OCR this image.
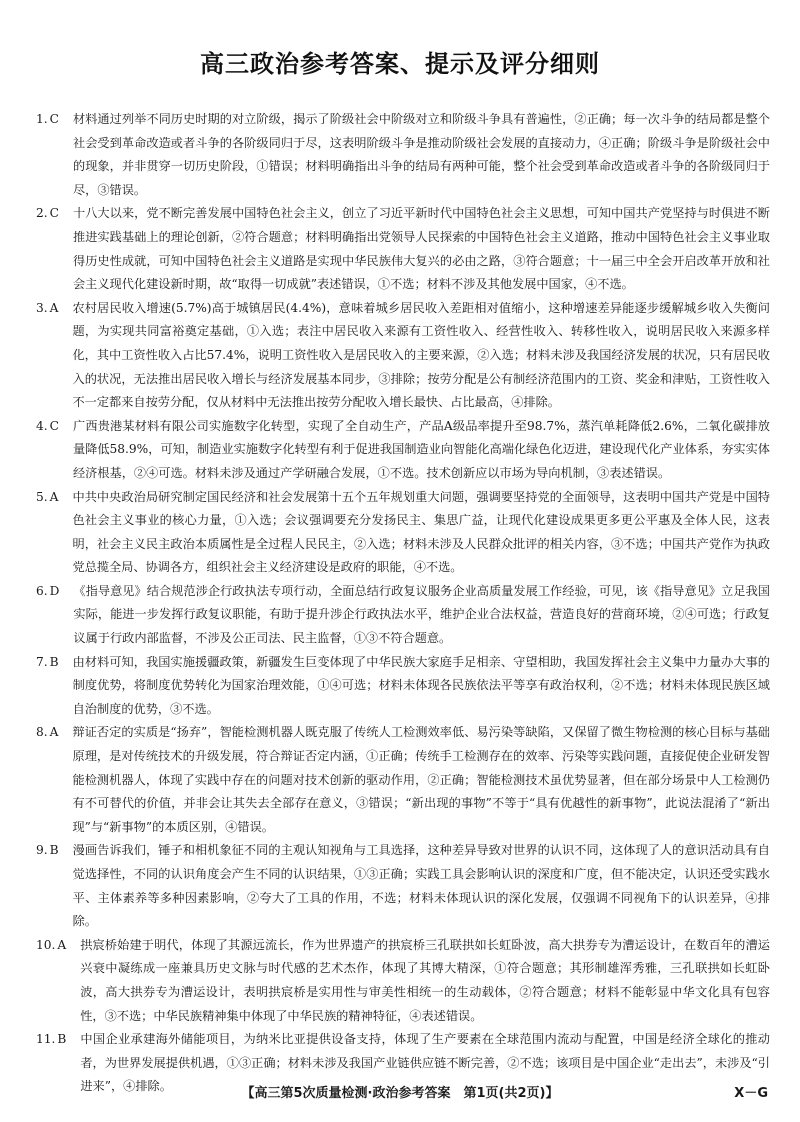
高三政治参考答案、提示及评分细则
1. C 材料通过列举不同历史时期的对立阶级，揭示了阶级社会中阶级对立和阶级斗争具有普遍性，②正确；每一次斗争的结局都是整个社会受到革命改造或者斗争的各阶级同归于尽，这表明阶级斗争是推动阶级社会发展的直接动力，④正确；阶级斗争是阶级社会中的现象，并非贯穿一切历史阶段，①错误；材料明确指出斗争的结局有两种可能，整个社会受到革命改造或者斗争的各阶级同归于尽，③错误。
2. C 十八大以来，党不断完善发展中国特色社会主义，创立了习近平新时代中国特色社会主义思想，可知中国共产党坚持与时俱进不断推进实践基础上的理论创新，②符合题意；材料明确指出党领导人民探索的中国特色社会主义道路，推动中国特色社会主义事业取得历史性成就，可知中国特色社会主义道路是实现中华民族伟大复兴的必由之路，③符合题意；十一届三中全会开启改革开放和社会主义现代化建设新时期，故“取得一切成就”表述错误，①不选；材料不涉及其他发展中国家，④不选。
3. A 农村居民收入增速(5.7%)高于城镇居民(4.4%)，意味着城乡居民收入差距相对值缩小，这种增速差异能逐步缓解城乡收入失衡问题，为实现共同富裕奠定基础，①入选；表注中居民收入来源有工资性收入、经营性收入、转移性收入，说明居民收入来源多样化，其中工资性收入占比57.4%，说明工资性收入是居民收入的主要来源，②入选；材料未涉及我国经济发展的状况，只有居民收入的状况，无法推出居民收入增长与经济发展基本同步，③排除；按劳分配是公有制经济范围内的工资、奖金和津贴，工资性收入不一定都来自按劳分配，仅从材料中无法推出按劳分配收入增长最快、占比最高，④排除。
4. C 广西贵港某材料有限公司实施数字化转型，实现了全自动生产，产品A级品率提升至98.7%，蒸汽单耗降低2.6%，二氧化碳排放量降低58.9%，可知，制造业实施数字化转型有利于促进我国制造业向智能化高端化绿色化迈进，建设现代化产业体系，夯实实体经济根基，②④可选。材料未涉及通过产学研融合发展，①不选。技术创新应以市场为导向机制，③表述错误。
5. A 中共中央政治局研究制定国民经济和社会发展第十五个五年规划重大问题，强调要坚持党的全面领导，这表明中国共产党是中国特色社会主义事业的核心力量，①入选；会议强调要充分发扬民主、集思广益，让现代化建设成果更多更公平惠及全体人民，这表明，社会主义民主政治本质属性是全过程人民民主，②入选；材料未涉及人民群众批评的相关内容，③不选；中国共产党作为执政党总揽全局、协调各方，组织社会主义经济建设是政府的职能，④不选。
6. D 《指导意见》结合规范涉企行政执法专项行动，全面总结行政复议服务企业高质量发展工作经验，可见，该《指导意见》立足我国实际，能进一步发挥行政复议职能，有助于提升涉企行政执法水平，维护企业合法权益，营造良好的营商环境，②④可选；行政复议属于行政内部监督，不涉及公正司法、民主监督，①③不符合题意。
7. B 由材料可知，我国实施援疆政策，新疆发生巨变体现了中华民族大家庭手足相亲、守望相助，我国发挥社会主义集中力量办大事的制度优势，将制度优势转化为国家治理效能，①④可选；材料未体现各民族依法平等享有政治权利，②不选；材料未体现民族区域自治制度的优势，③不选。
8. A 辩证否定的实质是“扬弃”，智能检测机器人既克服了传统人工检测效率低、易污染等缺陷，又保留了微生物检测的核心目标与基础原理，是对传统技术的升级发展，符合辩证否定内涵，①正确；传统手工检测存在的效率、污染等实践问题，直接促使企业研发智能检测机器人，体现了实践中存在的问题对技术创新的驱动作用，②正确；智能检测技术虽优势显著，但在部分场景中人工检测仍有不可替代的价值，并非会让其失去全部存在意义，③错误；“新出现的事物”不等于“具有优越性的新事物”，此说法混淆了“新出现”与“新事物”的本质区别，④错误。
9. B 漫画告诉我们，锤子和相机象征不同的主观认知视角与工具选择，这种差异导致对世界的认识不同，这体现了人的意识活动具有自觉选择性，不同的认识角度会产生不同的认识结果，①③正确；实践工具会影响认识的深度和广度，但不能决定，认识还受实践水平、主体素养等多种因素影响，②夸大了工具的作用，不选；材料未体现认识的深化发展，仅强调不同视角下的认识差异，④排除。
10. A 拱宸桥始建于明代，体现了其源远流长，作为世界遗产的拱宸桥三孔联拱如长虹卧波，高大拱券专为漕运设计，在数百年的漕运兴衰中凝练成一座兼具历史文脉与时代感的艺术杰作，体现了其博大精深，①符合题意；其形制雄浑秀雅，三孔联拱如长虹卧波，高大拱券专为漕运设计，表明拱宸桥是实用性与审美性相统一的生动载体，②符合题意；材料不能彰显中华文化具有包容性，③不选；中华民族精神集中体现了中华民族的精神特征，④表述错误。
11. B 中国企业承建海外储能项目，为纳米比亚提供设备支持，体现了生产要素在全球范围内流动与配置，中国是经济全球化的推动者，为世界发展提供机遇，①③正确；材料未涉及我国产业链供应链不断完善，②不选；该项目是中国企业“走出去”，未涉及“引进来”，④排除。	【高三第5次质量检测·政治参考答案　第1页(共2页)】	X－G
